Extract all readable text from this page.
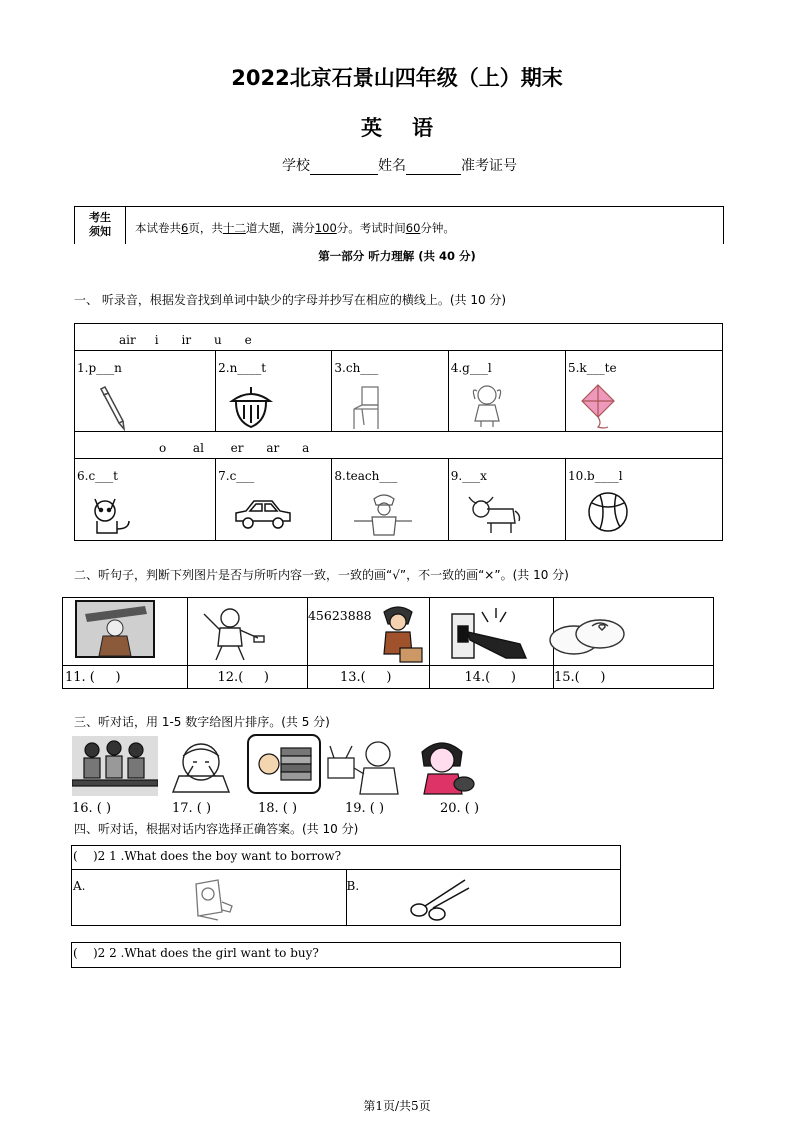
2022北京石景山四年级（上）期末
英语
学校	姓名	准考证号
考生
须知	本试卷共6页，共十二道大题，满分100分。考试时间60分钟。
第一部分 听力理解 (共 40 分)
一、 听录音，根据发音找到单词中缺少的字母并抄写在相应的横线上。(共 10 分)
air     i      ir      u      e				

1.p___n	2.n____t	3.ch___	4.g___l	5.k___te

o       al       er      ar      a				

6.c___t	7.c___	8.teach___	9.___x	10.b____l
二、听句子，判断下列图片是否与所听内容一致，一致的画“√”，不一致的画“×”。(共 10 分)

45623888

11. (     )	12.(     )	13.(     )	14.(     )	15.(     )
三、听对话，用 1-5 数字给图片排序。(共 5 分)
16. ( )	17. ( )	18. ( )	19. ( )	20. ( )
四、听对话，根据对话内容选择正确答案。(共 10 分)
(    )2 1 .What does the boy want to borrow?

A.	B.
(    )2 2 .What does the girl want to buy?
第1页/共5页
